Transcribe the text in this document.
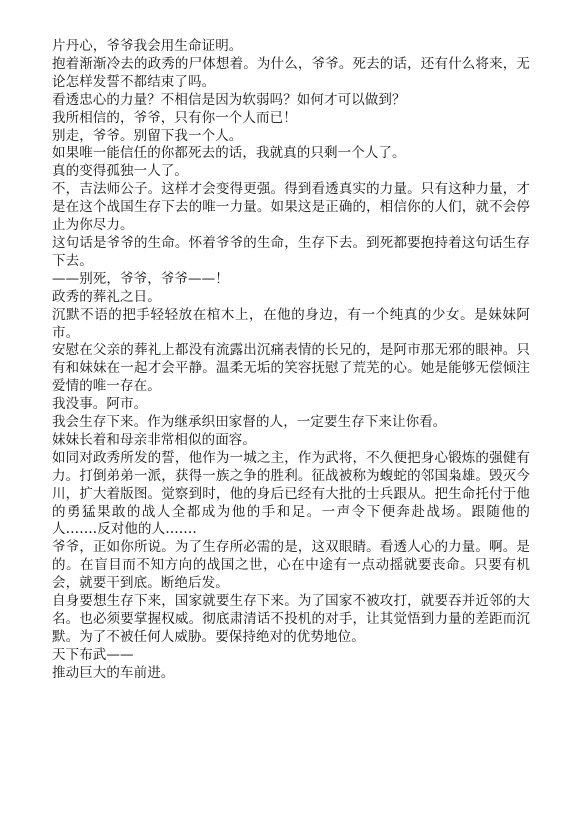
片丹心，爷爷我会用生命证明。

抱着渐渐冷去的政秀的尸体想着。为什么，爷爷。死去的话，还有什么将来，无论怎样发誓不都结束了吗。

看透忠心的力量？不相信是因为软弱吗？如何才可以做到？

我所相信的，爷爷，只有你一个人而已！

别走，爷爷。别留下我一个人。

如果唯一能信任的你都死去的话，我就真的只剩一个人了。

真的变得孤独一人了。

不，吉法师公子。这样才会变得更强。得到看透真实的力量。只有这种力量，才是在这个战国生存下去的唯一力量。如果这是正确的，相信你的人们，就不会停止为你尽力。

这句话是爷爷的生命。怀着爷爷的生命，生存下去。到死都要抱持着这句话生存下去。

——别死，爷爷，爷爷——！

政秀的葬礼之日。

沉默不语的把手轻轻放在棺木上，在他的身边，有一个纯真的少女。是妹妹阿市。

安慰在父亲的葬礼上都没有流露出沉痛表情的长兄的，是阿市那无邪的眼神。只有和妹妹在一起才会平静。温柔无垢的笑容抚慰了荒芜的心。她是能够无偿倾注爱情的唯一存在。

我没事。阿市。

我会生存下来。作为继承织田家督的人，一定要生存下来让你看。

妹妹长着和母亲非常相似的面容。

如同对政秀所发的誓，他作为一城之主，作为武将，不久便把身心锻炼的强健有力。打倒弟弟一派，获得一族之争的胜利。征战被称为蝮蛇的邻国枭雄。毁灭今川，扩大着版图。觉察到时，他的身后已经有大批的士兵跟从。把生命托付于他的勇猛果敢的战人全都成为他的手和足。一声令下便奔赴战场。跟随他的人…….反对他的人…….

爷爷，正如你所说。为了生存所必需的是，这双眼睛。看透人心的力量。啊。是的。在盲目而不知方向的战国之世，心在中途有一点动摇就要丧命。只要有机会，就要干到底。断绝后发。

自身要想生存下来，国家就要生存下来。为了国家不被攻打，就要吞并近邻的大名。也必须要掌握权威。彻底肃清话不投机的对手，让其觉悟到力量的差距而沉默。为了不被任何人威胁。要保持绝对的优势地位。

天下布武——

推动巨大的车前进。
